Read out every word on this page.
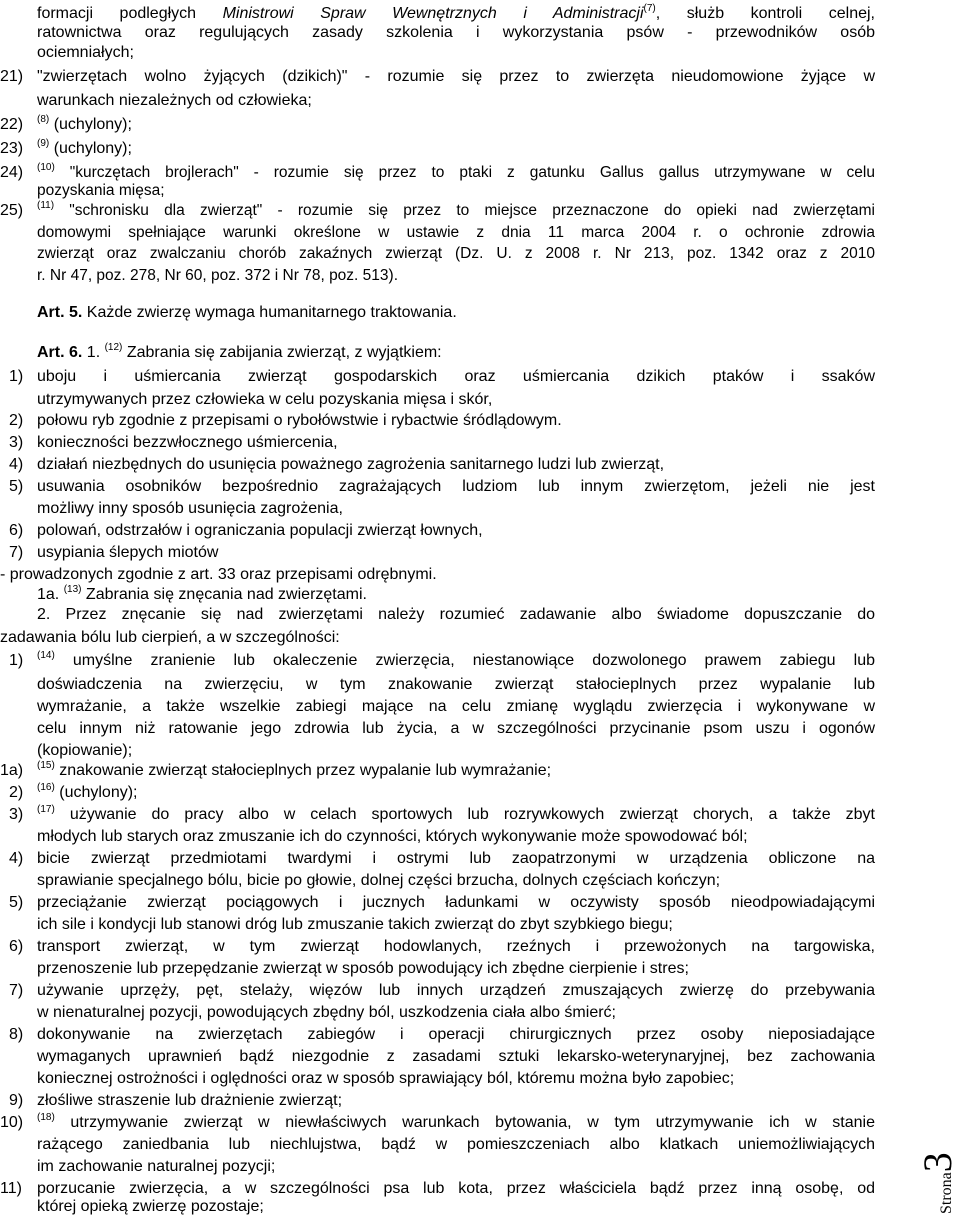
formacji podległych Ministrowi Spraw Wewnętrznych i Administracji$^{(7)}$, służb kontroli celnej,
ratownictwa oraz regulujących zasady szkolenia i wykorzystania psów - przewodników osób
ociemniałych;
21) "zwierzętach wolno żyjących (dzikich)" - rozumie się przez to zwierzęta nieudomowione żyjące w
warunkach niezależnych od człowieka;
22) $^{(8)}$ (uchylony);
23) $^{(9)}$ (uchylony);
24) $^{(10)}$ "kurczętach brojlerach" - rozumie się przez to ptaki z gatunku Gallus gallus utrzymywane w celu
pozyskania mięsa;
25) $^{(11)}$ "schronisku dla zwierząt" - rozumie się przez to miejsce przeznaczone do opieki nad zwierzętami
domowymi spełniające warunki określone w ustawie z dnia 11 marca 2004 r. o ochronie zdrowia
zwierząt oraz zwalczaniu chorób zakaźnych zwierząt (Dz. U. z 2008 r. Nr 213, poz. 1342 oraz z 2010
r. Nr 47, poz. 278, Nr 60, poz. 372 i Nr 78, poz. 513).
Art. 5. Każde zwierzę wymaga humanitarnego traktowania.
Art. 6. 1. $^{(12)}$ Zabrania się zabijania zwierząt, z wyjątkiem:
1) uboju i uśmiercania zwierząt gospodarskich oraz uśmiercania dzikich ptaków i ssaków
utrzymywanych przez człowieka w celu pozyskania mięsa i skór,
2) połowu ryb zgodnie z przepisami o rybołówstwie i rybactwie śródlądowym.
3) konieczności bezzwłocznego uśmiercenia,
4) działań niezbędnych do usunięcia poważnego zagrożenia sanitarnego ludzi lub zwierząt,
5) usuwania osobników bezpośrednio zagrażających ludziom lub innym zwierzętom, jeżeli nie jest
możliwy inny sposób usunięcia zagrożenia,
6) polowań, odstrzałów i ograniczania populacji zwierząt łownych,
7) usypiania ślepych miotów
- prowadzonych zgodnie z art. 33 oraz przepisami odrębnymi.
1a. $^{(13)}$ Zabrania się znęcania nad zwierzętami.
2. Przez znęcanie się nad zwierzętami należy rozumieć zadawanie albo świadome dopuszczanie do
zadawania bólu lub cierpień, a w szczególności:
1) $^{(14)}$ umyślne zranienie lub okaleczenie zwierzęcia, niestanowiące dozwolonego prawem zabiegu lub
doświadczenia na zwierzęciu, w tym znakowanie zwierząt stałocieplnych przez wypalanie lub
wymrażanie, a także wszelkie zabiegi mające na celu zmianę wyglądu zwierzęcia i wykonywane w
celu innym niż ratowanie jego zdrowia lub życia, a w szczególności przycinanie psom uszu i ogonów
(kopiowanie);
1a) $^{(15)}$ znakowanie zwierząt stałocieplnych przez wypalanie lub wymrażanie;
2) $^{(16)}$ (uchylony);
3) $^{(17)}$ używanie do pracy albo w celach sportowych lub rozrywkowych zwierząt chorych, a także zbyt
młodych lub starych oraz zmuszanie ich do czynności, których wykonywanie może spowodować ból;
4) bicie zwierząt przedmiotami twardymi i ostrymi lub zaopatrzonymi w urządzenia obliczone na
sprawianie specjalnego bólu, bicie po głowie, dolnej części brzucha, dolnych częściach kończyn;
5) przeciążanie zwierząt pociągowych i jucznych ładunkami w oczywisty sposób nieodpowiadającymi
ich sile i kondycji lub stanowi dróg lub zmuszanie takich zwierząt do zbyt szybkiego biegu;
6) transport zwierząt, w tym zwierząt hodowlanych, rzeźnych i przewożonych na targowiska,
przenoszenie lub przepędzanie zwierząt w sposób powodujący ich zbędne cierpienie i stres;
7) używanie uprzęży, pęt, stelaży, więzów lub innych urządzeń zmuszających zwierzę do przebywania
w nienaturalnej pozycji, powodujących zbędny ból, uszkodzenia ciała albo śmierć;
8) dokonywanie na zwierzętach zabiegów i operacji chirurgicznych przez osoby nieposiadające
wymaganych uprawnień bądź niezgodnie z zasadami sztuki lekarsko-weterynaryjnej, bez zachowania
koniecznej ostrożności i oględności oraz w sposób sprawiający ból, któremu można było zapobiec;
9) złośliwe straszenie lub drażnienie zwierząt;
10) $^{(18)}$ utrzymywanie zwierząt w niewłaściwych warunkach bytowania, w tym utrzymywanie ich w stanie
rażącego zaniedbania lub niechlujstwa, bądź w pomieszczeniach albo klatkach uniemożliwiających
im zachowanie naturalnej pozycji;
11) porzucanie zwierzęcia, a w szczególności psa lub kota, przez właściciela bądź przez inną osobę, od
której opieką zwierzę pozostaje;	Strona3
